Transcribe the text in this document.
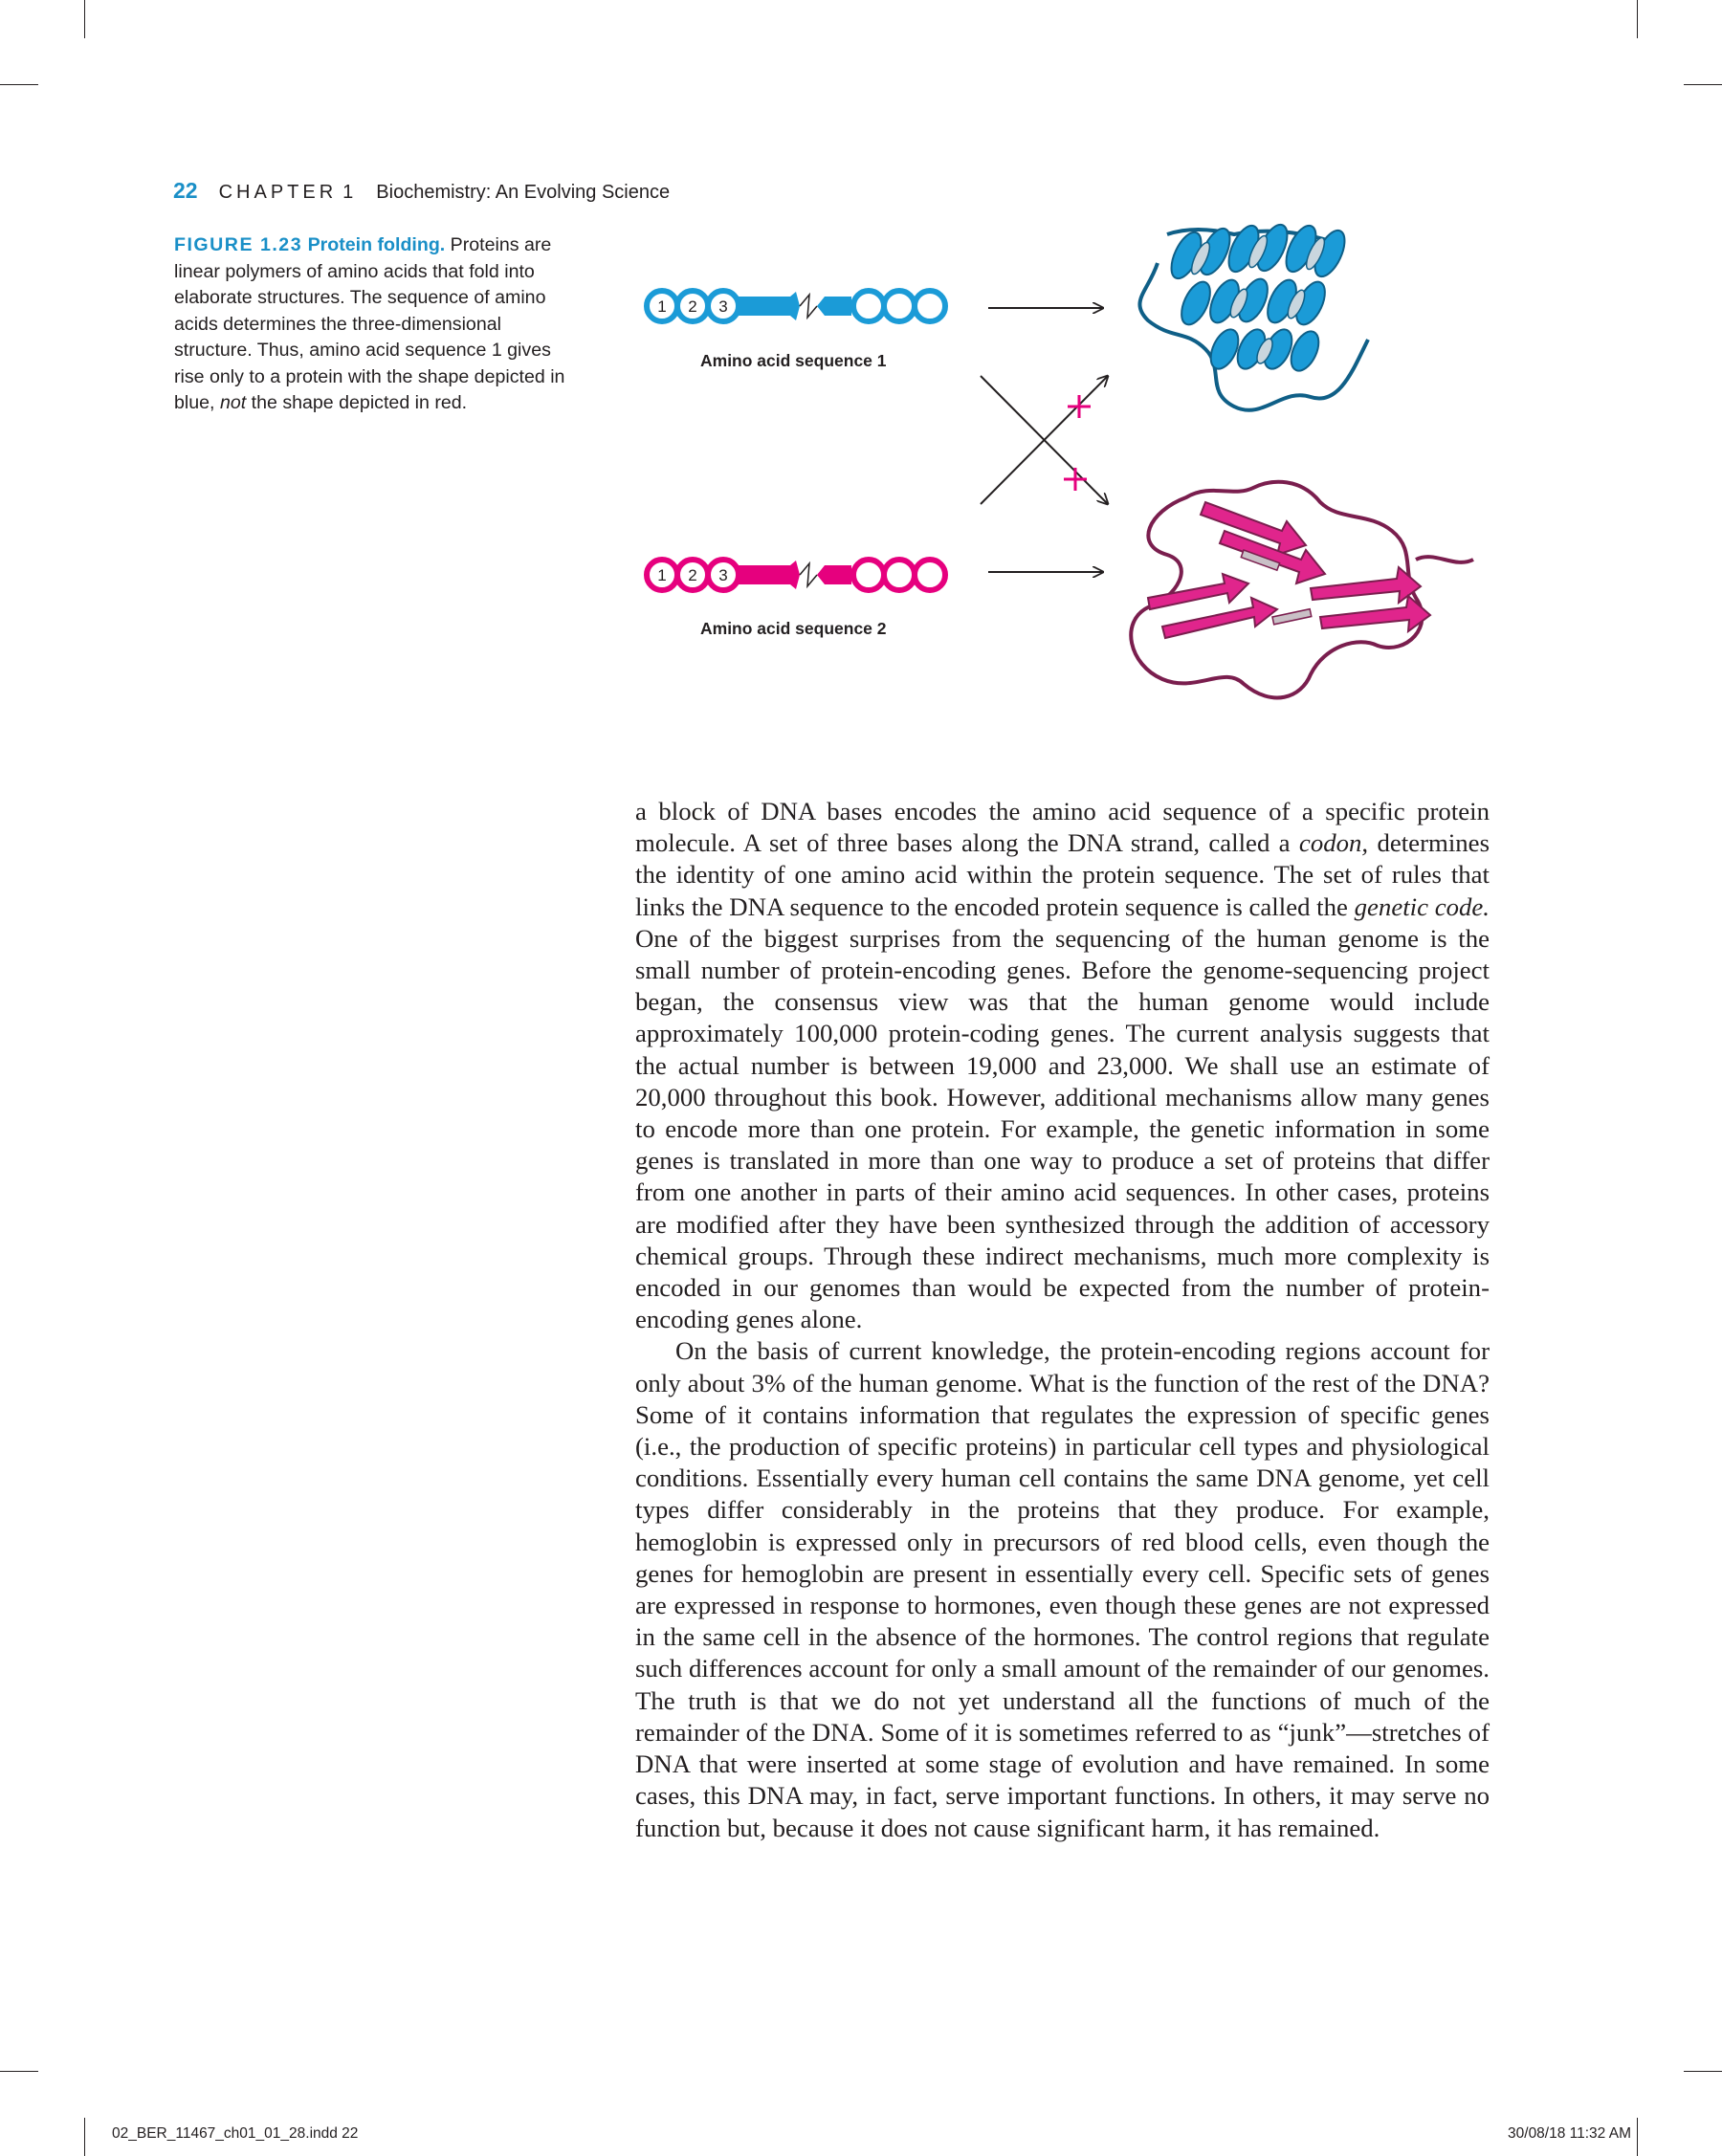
22 CHAPTER 1 Biochemistry: An Evolving Science
FIGURE 1.23 Protein folding. Proteins are linear polymers of amino acids that fold into elaborate structures. The sequence of amino acids determines the three-dimensional structure. Thus, amino acid sequence 1 gives rise only to a protein with the shape depicted in blue, not the shape depicted in red.
1 2 3
1 2 3
Amino acid sequence 1
Amino acid sequence 2

a block of DNA bases encodes the amino acid sequence of a specific protein molecule. A set of three bases along the DNA strand, called a codon, determines the identity of one amino acid within the protein sequence. The set of rules that links the DNA sequence to the encoded protein sequence is called the genetic code. One of the biggest surprises from the sequencing of the human genome is the small number of protein-encoding genes. Before the genome-sequencing project began, the consensus view was that the human genome would include approximately 100,000 protein-coding genes. The current analysis suggests that the actual number is between 19,000 and 23,000. We shall use an estimate of 20,000 throughout this book. However, additional mechanisms allow many genes to encode more than one protein. For example, the genetic information in some genes is translated in more than one way to produce a set of proteins that differ from one another in parts of their amino acid sequences. In other cases, proteins are modified after they have been synthesized through the addition of accessory chemical groups. Through these indirect mechanisms, much more complexity is encoded in our genomes than would be expected from the number of protein-encoding genes alone.

On the basis of current knowledge, the protein-encoding regions account for only about 3% of the human genome. What is the function of the rest of the DNA? Some of it contains information that regulates the expression of specific genes (i.e., the production of specific proteins) in particular cell types and physiological conditions. Essentially every human cell contains the same DNA genome, yet cell types differ considerably in the proteins that they produce. For example, hemoglobin is expressed only in precursors of red blood cells, even though the genes for hemoglobin are present in essentially every cell. Specific sets of genes are expressed in response to hormones, even though these genes are not expressed in the same cell in the absence of the hormones. The control regions that regulate such differences account for only a small amount of the remainder of our genomes. The truth is that we do not yet understand all the functions of much of the remainder of the DNA. Some of it is sometimes referred to as “junk”—stretches of DNA that were inserted at some stage of evolution and have remained. In some cases, this DNA may, in fact, serve important functions. In others, it may serve no function but, because it does not cause significant harm, it has remained.

02_BER_11467_ch01_01_28.indd 22	30/08/18 11:32 AM
